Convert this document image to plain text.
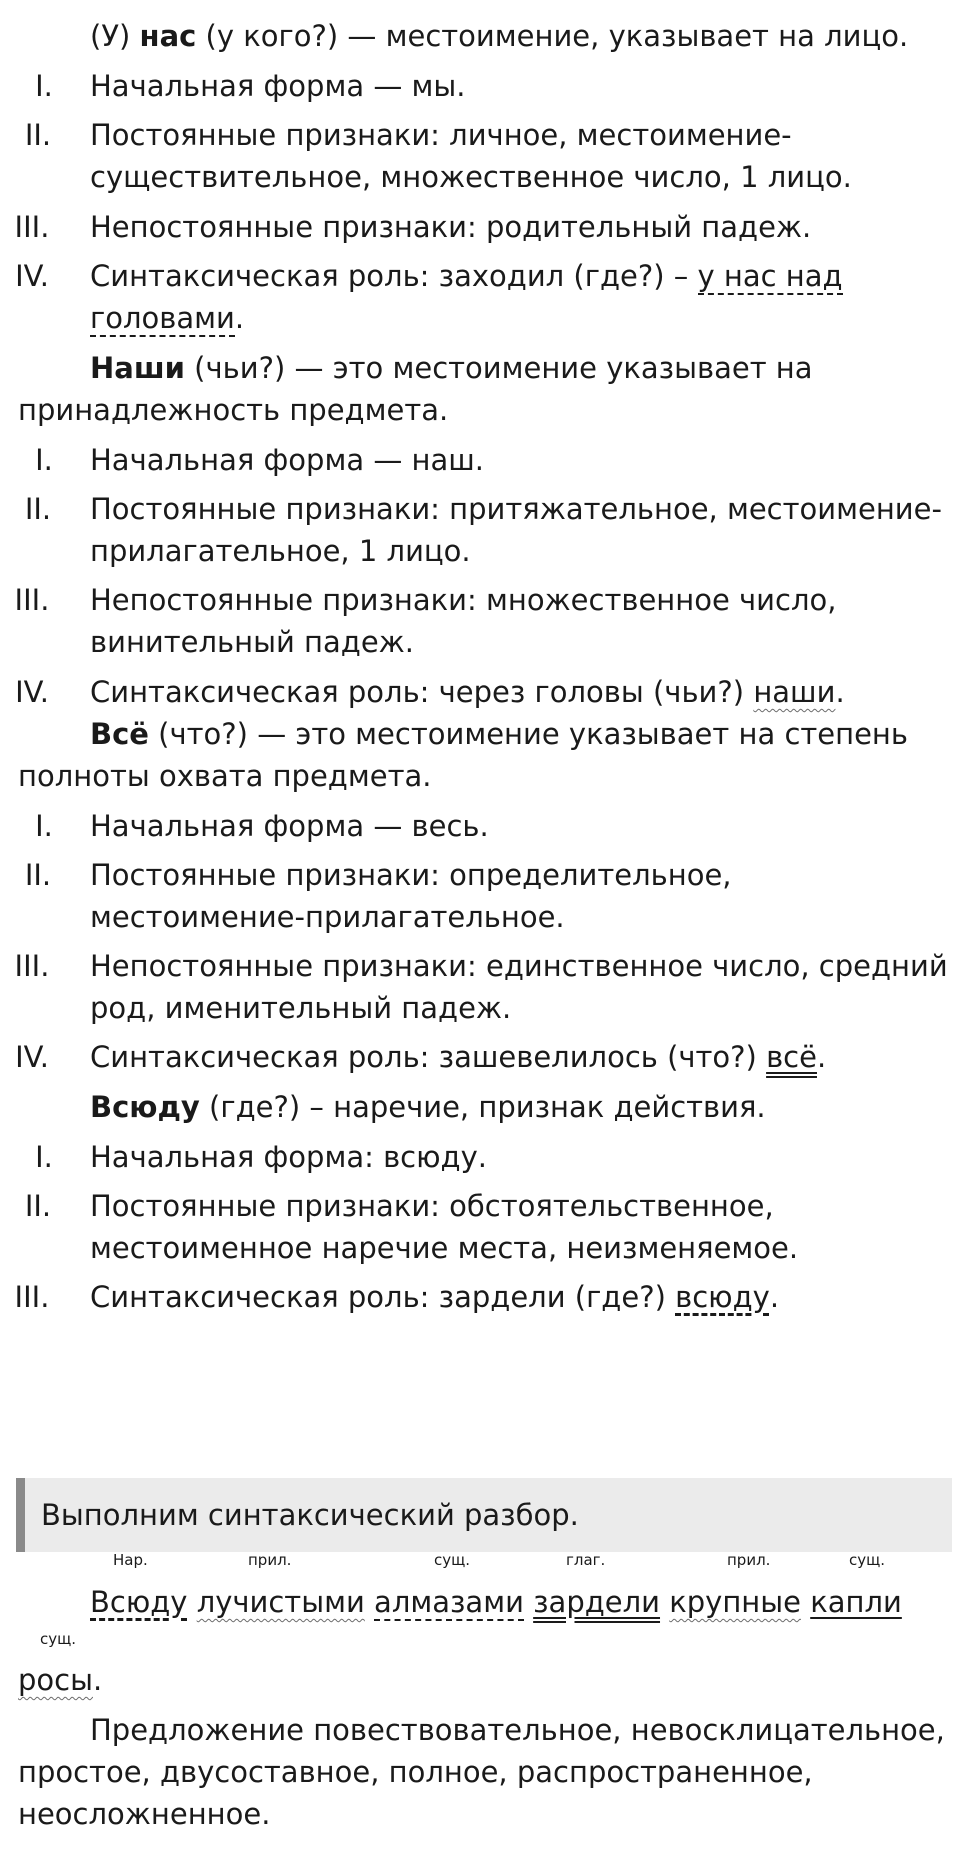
(У) нас (у кого?) — местоимение, указывает на лицо.
I.	Начальная форма — мы.
II.	Постоянные признаки: личное, местоимение-
существительное, множественное число, 1 лицо.
III.	Непостоянные признаки: родительный падеж.
IV.	Синтаксическая роль: заходил (где?) – у нас над
головами.
Наши (чьи?) — это местоимение указывает на
принадлежность предмета.
I.	Начальная форма — наш.
II.	Постоянные признаки: притяжательное, местоимение-
прилагательное, 1 лицо.
III.	Непостоянные признаки: множественное число,
винительный падеж.
IV.	Синтаксическая роль: через головы (чьи?) наши.
Всё (что?) — это местоимение указывает на степень
полноты охвата предмета.
I.	Начальная форма — весь.
II.	Постоянные признаки: определительное,
местоимение-прилагательное.
III.	Непостоянные признаки: единственное число, средний
род, именительный падеж.
IV.	Синтаксическая роль: зашевелилось (что?) всё.
Всюду (где?) – наречие, признак действия.
I.	Начальная форма: всюду.
II.	Постоянные признаки: обстоятельственное,
местоименное наречие места, неизменяемое.
III.	Синтаксическая роль: зардели (где?) всюду.
Выполним синтаксический разбор.
Нар.	прил.	сущ.	глаг.	прил.	сущ.
Всюду лучистыми алмазами зардели крупные капли
сущ.
росы.
Предложение повествовательное, невосклицательное,
простое, двусоставное, полное, распространенное,
неосложненное.
